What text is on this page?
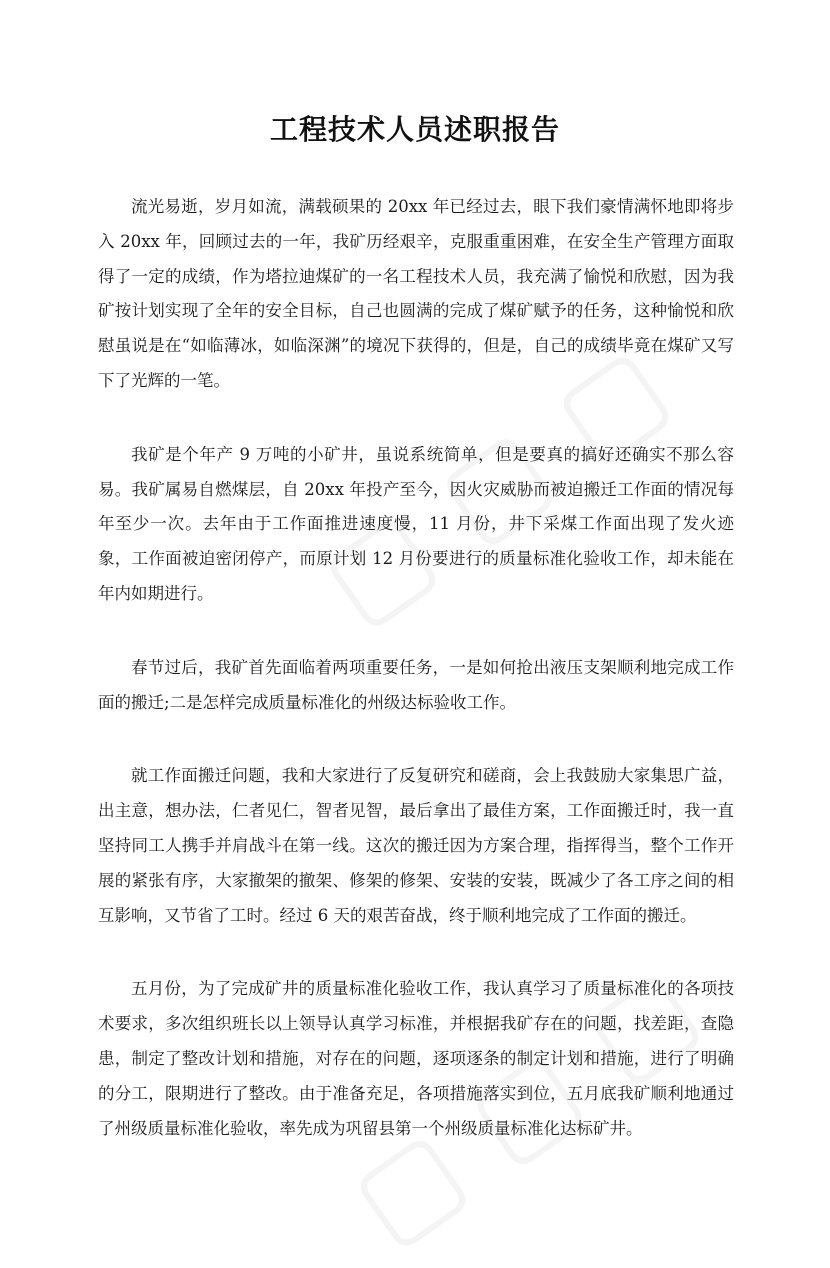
工程技术人员述职报告

流光易逝，岁月如流，满载硕果的 20xx 年已经过去，眼下我们豪情满怀地即将步入 20xx 年，回顾过去的一年，我矿历经艰辛，克服重重困难，在安全生产管理方面取得了一定的成绩，作为塔拉迪煤矿的一名工程技术人员，我充满了愉悦和欣慰，因为我矿按计划实现了全年的安全目标，自己也圆满的完成了煤矿赋予的任务，这种愉悦和欣慰虽说是在“如临薄冰，如临深渊”的境况下获得的，但是，自己的成绩毕竟在煤矿又写下了光辉的一笔。

我矿是个年产 9 万吨的小矿井，虽说系统简单，但是要真的搞好还确实不那么容易。我矿属易自燃煤层，自 20xx 年投产至今，因火灾威胁而被迫搬迁工作面的情况每年至少一次。去年由于工作面推进速度慢，11 月份，井下采煤工作面出现了发火迹象，工作面被迫密闭停产，而原计划 12 月份要进行的质量标准化验收工作，却未能在年内如期进行。

春节过后，我矿首先面临着两项重要任务，一是如何抢出液压支架顺利地完成工作面的搬迁;二是怎样完成质量标准化的州级达标验收工作。

就工作面搬迁问题，我和大家进行了反复研究和磋商，会上我鼓励大家集思广益，出主意，想办法，仁者见仁，智者见智，最后拿出了最佳方案，工作面搬迁时，我一直坚持同工人携手并肩战斗在第一线。这次的搬迁因为方案合理，指挥得当，整个工作开展的紧张有序，大家撤架的撤架、修架的修架、安装的安装，既减少了各工序之间的相互影响，又节省了工时。经过 6 天的艰苦奋战，终于顺利地完成了工作面的搬迁。

五月份，为了完成矿井的质量标准化验收工作，我认真学习了质量标准化的各项技术要求，多次组织班长以上领导认真学习标准，并根据我矿存在的问题，找差距，查隐患，制定了整改计划和措施，对存在的问题，逐项逐条的制定计划和措施，进行了明确的分工，限期进行了整改。由于准备充足，各项措施落实到位，五月底我矿顺利地通过了州级质量标准化验收，率先成为巩留县第一个州级质量标准化达标矿井。
